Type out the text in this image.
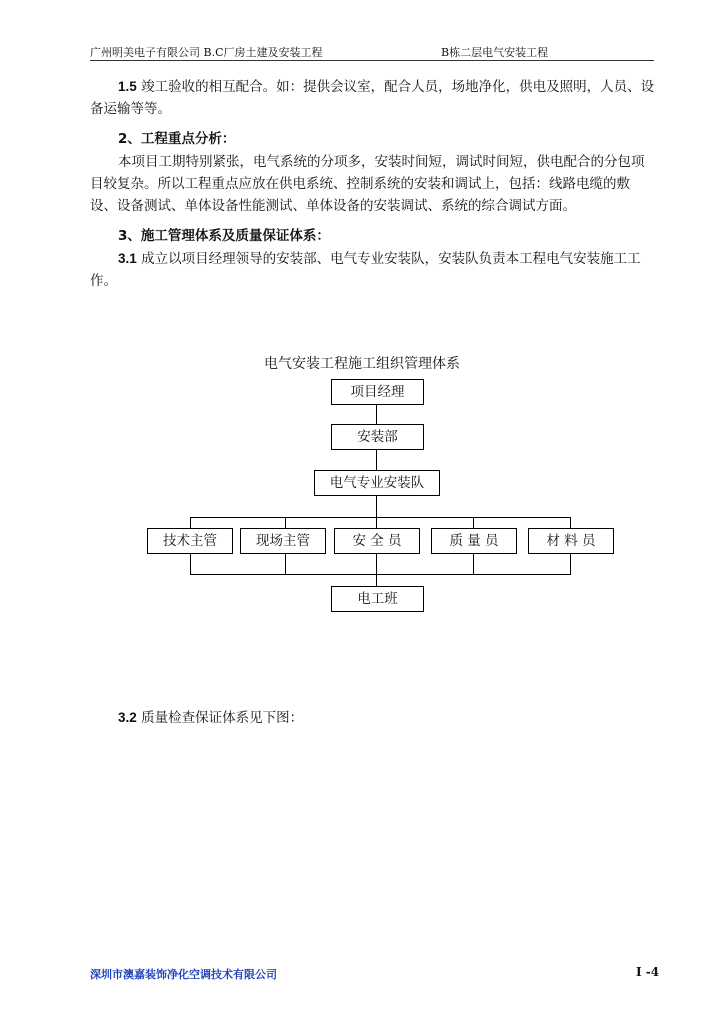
广州明美电子有限公司 B.C厂房土建及安装工程	B栋二层电气安装工程
1.5 竣工验收的相互配合。如：提供会议室，配合人员，场地净化，供电及照明，人员、设备运输等等。
2、工程重点分析：
本项目工期特别紧张，电气系统的分项多，安装时间短，调试时间短，供电配合的分包项目较复杂。所以工程重点应放在供电系统、控制系统的安装和调试上，包括：线路电缆的敷设、设备测试、单体设备性能测试、单体设备的安装调试、系统的综合调试方面。
3、施工管理体系及质量保证体系：
3.1 成立以项目经理领导的安装部、电气专业安装队，安装队负责本工程电气安装施工工作。
电气安装工程施工组织管理体系
项目经理
安装部
电气专业安装队
技术主管	现场主管	安 全 员	质 量 员	材 料 员
电工班
3.2 质量检查保证体系见下图：
深圳市澳嘉装饰净化空调技术有限公司	I -4
